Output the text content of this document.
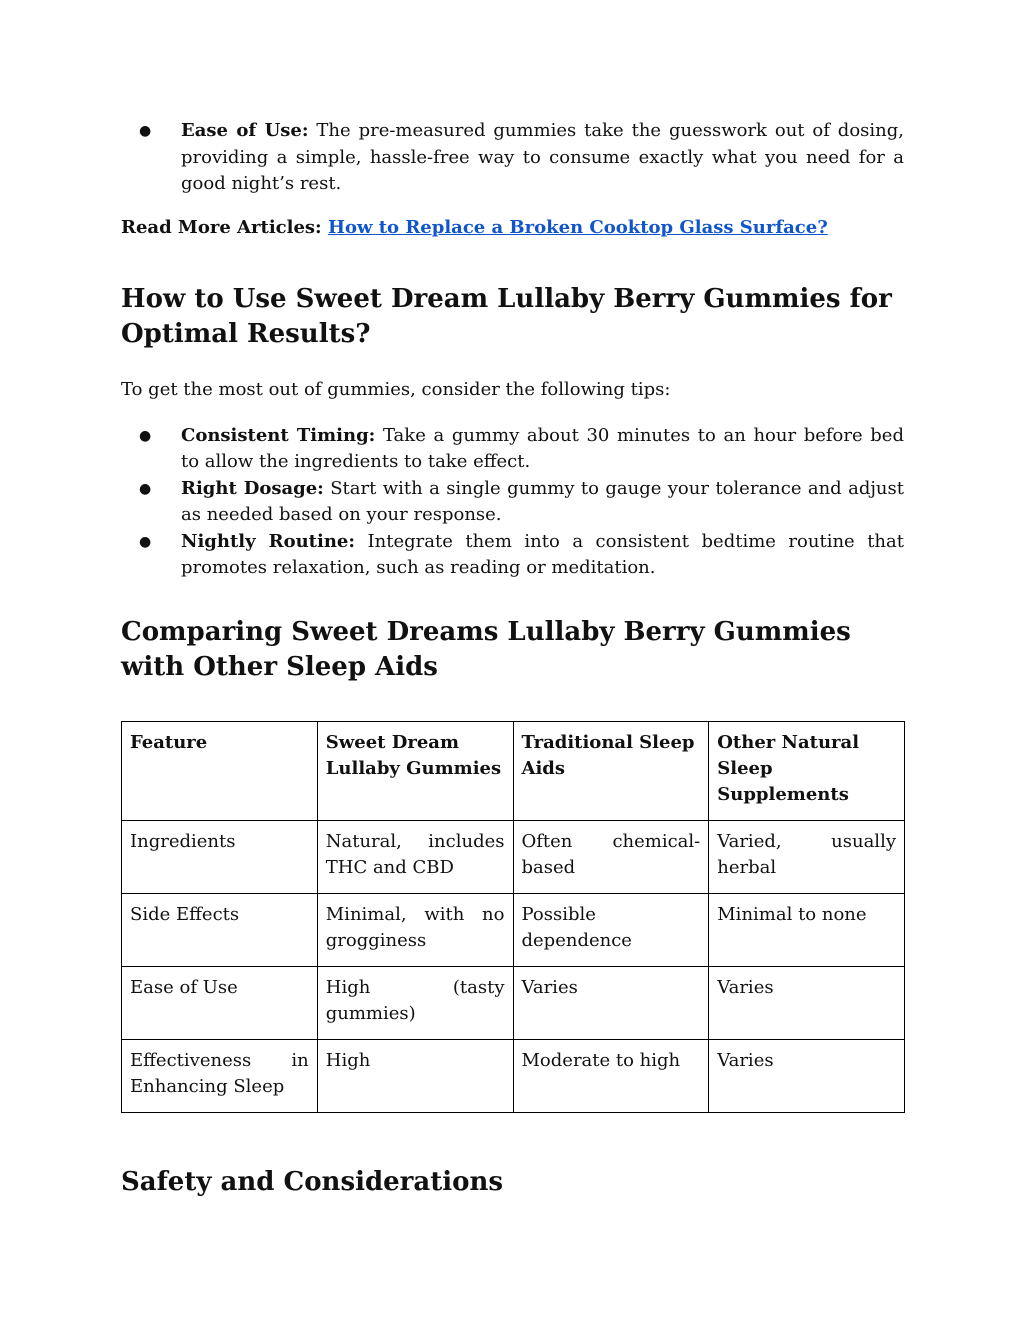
● Ease of Use: The pre-measured gummies take the guesswork out of dosing, providing a simple, hassle-free way to consume exactly what you need for a good night’s rest.

Read More Articles: How to Replace a Broken Cooktop Glass Surface?

How to Use Sweet Dream Lullaby Berry Gummies for Optimal Results?

To get the most out of gummies, consider the following tips:

● Consistent Timing: Take a gummy about 30 minutes to an hour before bed to allow the ingredients to take effect.
● Right Dosage: Start with a single gummy to gauge your tolerance and adjust as needed based on your response.
● Nightly Routine: Integrate them into a consistent bedtime routine that promotes relaxation, such as reading or meditation.
Comparing Sweet Dreams Lullaby Berry Gummies with Other Sleep Aids
Feature	Sweet Dream Lullaby Gummies	Traditional Sleep Aids	Other Natural Sleep Supplements
Ingredients	Natural, includes THC and CBD	Often chemical-based	Varied, usually herbal
Side Effects	Minimal, with no grogginess	Possible dependence	Minimal to none
Ease of Use	High (tasty gummies)	Varies	Varies
Effectiveness in Enhancing Sleep	High	Moderate to high	Varies
Safety and Considerations
